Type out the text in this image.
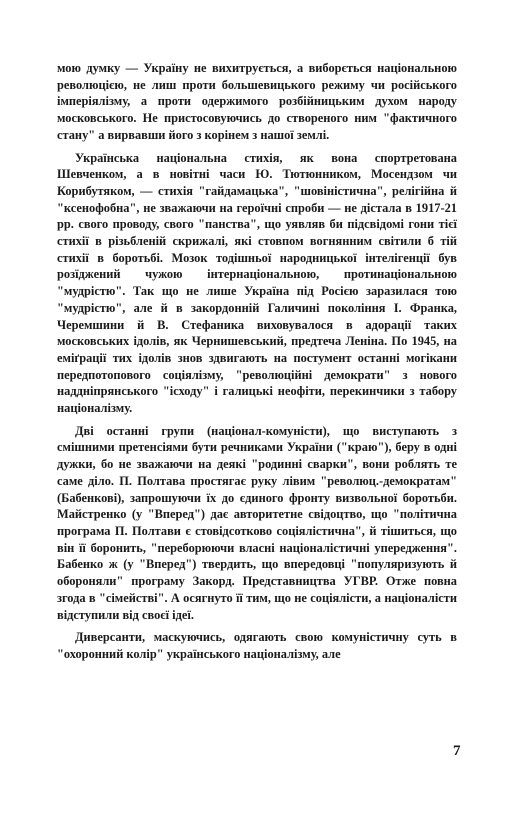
мою думку — Україну не вихитрується, а виборється національною революцією, не лиш проти большевицького режиму чи російського імперіялізму, а проти одержимого розбійницьким духом народу московського. Не пристосовуючись до створеного ним "фактичного стану" а вирвавши його з корінем з нашої землі.

Українська національна стихія, як вона спортретована Шевченком, а в новітні часи Ю. Тютюнником, Мосендзом чи Корибутяком, — стихія "гайдамацька", "шовіністична", релігійна й "ксенофобна", не зважаючи на героїчні спроби — не дістала в 1917-21 рр. свого проводу, свого "панства", що уявляв би підсвідомі гони тієї стихії в різьбленій скрижалі, які стовпом вогнянним світили б тій стихії в боротьбі. Мозок тодішньої народницької інтелігенції був розїджений чужою інтернаціональною, протинаціональною "мудрістю". Так що не лише Україна під Росією заразилася тою "мудрістю", але й в закордонній Галичині покоління І. Франка, Черемшини й В. Стефаника виховувалося в адорації таких московських ідолів, як Чернишевський, предтеча Леніна. По 1945, на еміґрації тих ідолів знов здвигають на постумент останні могікани передпотопового соціялізму, "революційні демократи" з нового наддніпрянського "ісходу" і галицькі неофіти, перекинчики з табору націоналізму.

Дві останні групи (націонал-комуністи), що виступають з смішними претенсіями бути речниками України ("краю"), беру в одні дужки, бо не зважаючи на деякі "родинні сварки", вони роблять те саме діло. П. Полтава простягає руку лівим "революц.-демократам" (Бабенкові), запрошуючи їх до єдиного фронту визвольної боротьби. Майстренко (у "Вперед") дає авторитетне свідоцтво, що "політична програма П. Полтави є стовідсотково соціялістична", й тішиться, що він її боронить, "переборюючи власні націоналістичні упередження". Бабенко ж (у "Вперед") твердить, що вперeдовці "популяризують й обороняли" програму Закорд. Представництва УГВР. Отже повна згода в "сімействі". А осягнуто її тим, що не соціялісти, а націоналісти відступили від своєї ідеї.

Диверсанти, маскуючись, одягають свою комуністичну суть в "охоронний колір" українського націоналізму, але

7
